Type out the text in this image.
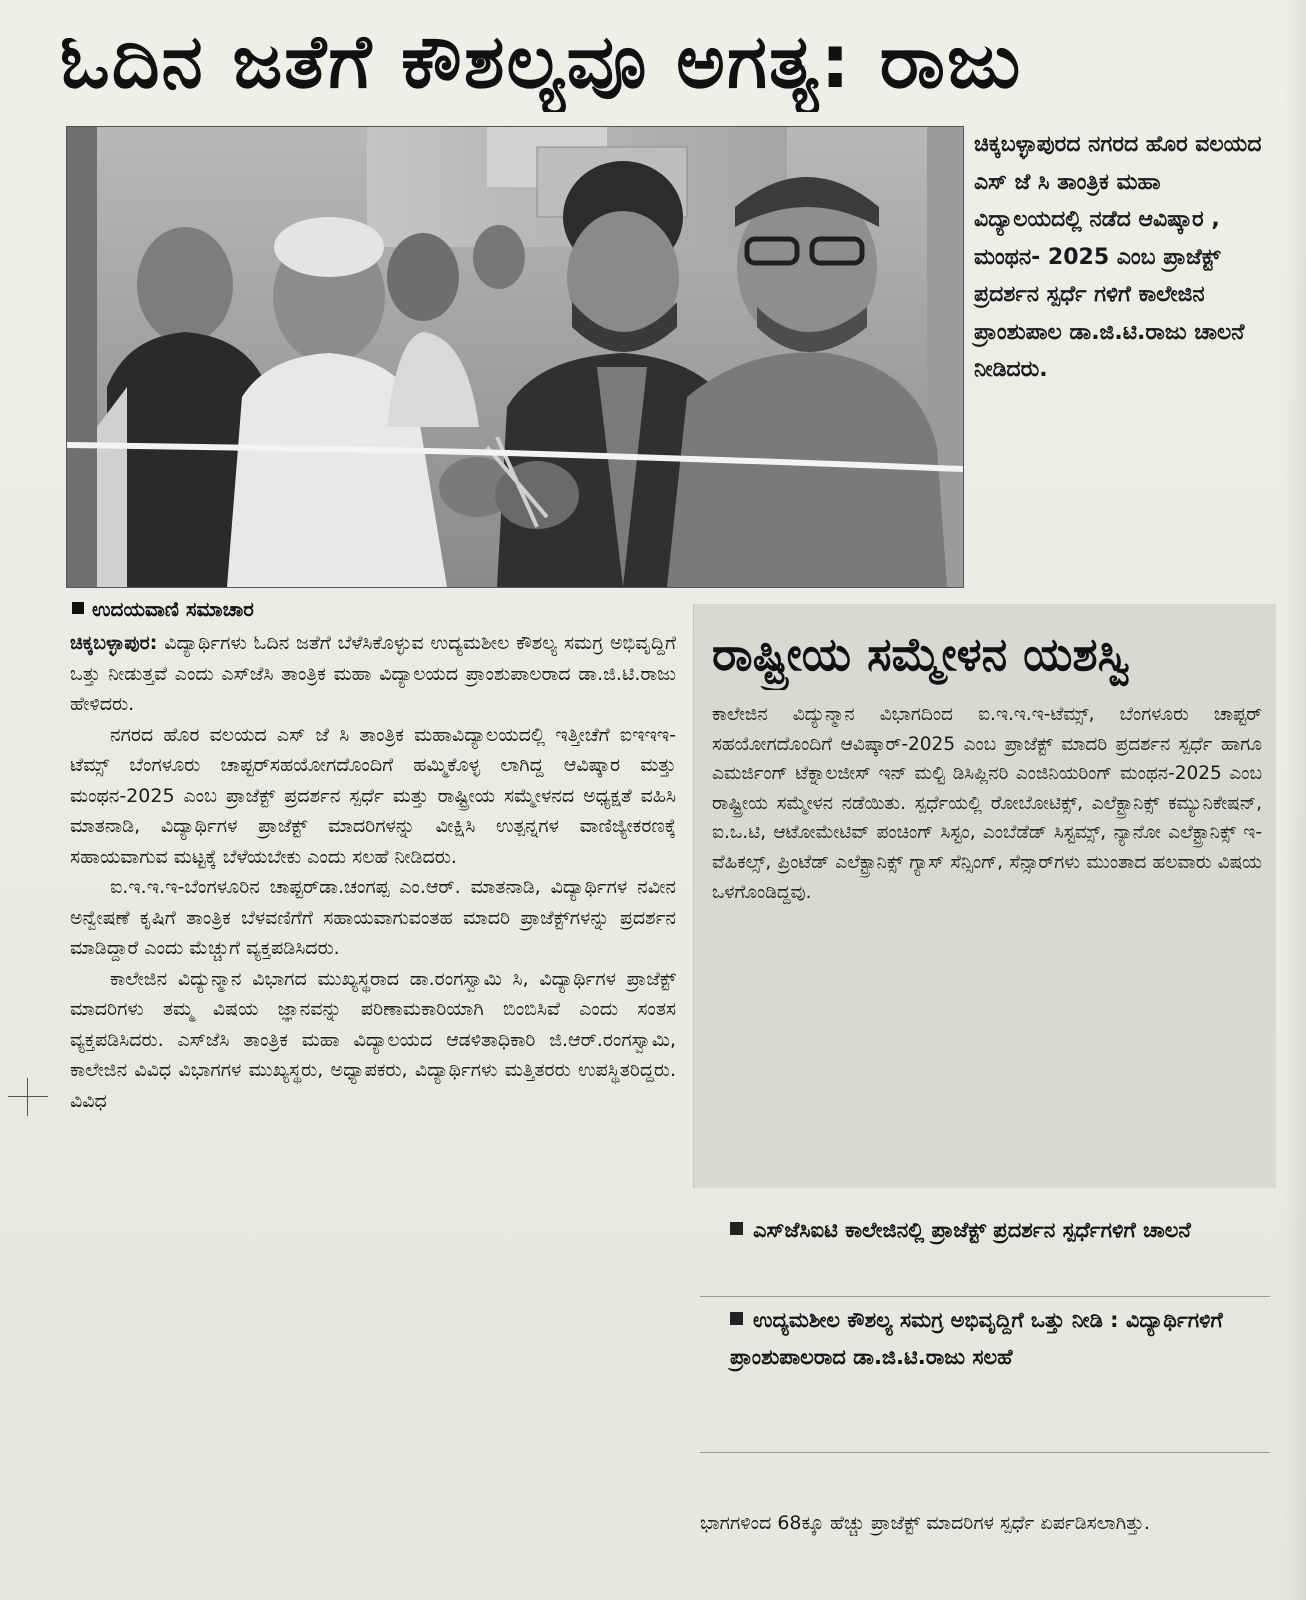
ಓದಿನ ಜತೆಗೆ ಕೌಶಲ್ಯವೂ ಅಗತ್ಯ: ರಾಜು

ಚಿಕ್ಕಬಳ್ಳಾಪುರದ ನಗರದ ಹೊರ ವಲಯದ ಎಸ್ ಜೆ ಸಿ ತಾಂತ್ರಿಕ ಮಹಾ ವಿದ್ಯಾಲಯದಲ್ಲಿ ನಡೆದ ಆವಿಷ್ಕಾರ , ಮಂಥನ- 2025 ಎಂಬ ಪ್ರಾಜೆಕ್ಟ್ ಪ್ರದರ್ಶನ ಸ್ಪರ್ಧೆ ಗಳಿಗೆ ಕಾಲೇಜಿನ ಪ್ರಾಂಶುಪಾಲ ಡಾ.ಜಿ.ಟಿ.ರಾಜು ಚಾಲನೆ ನೀಡಿದರು.

ಉದಯವಾಣಿ ಸಮಾಚಾರ

ಚಿಕ್ಕಬಳ್ಳಾಪುರ: ವಿದ್ಯಾರ್ಥಿಗಳು ಓದಿನ ಜತೆಗೆ ಬೆಳೆಸಿಕೊಳ್ಳುವ ಉದ್ಯಮಶೀಲ ಕೌಶಲ್ಯ ಸಮಗ್ರ ಅಭಿವೃದ್ದಿಗೆ ಒತ್ತು ನೀಡುತ್ತವೆ ಎಂದು ಎಸ್‌ಜೆಸಿ ತಾಂತ್ರಿಕ ಮಹಾ ವಿದ್ಯಾಲಯದ ಪ್ರಾಂಶುಪಾಲರಾದ ಡಾ.ಜಿ.ಟಿ.ರಾಜು ಹೇಳಿದರು.

ನಗರದ ಹೊರ ವಲಯದ ಎಸ್ ಜೆ ಸಿ ತಾಂತ್ರಿಕ ಮಹಾವಿದ್ಯಾಲಯದಲ್ಲಿ ಇತ್ತೀಚೆಗೆ ಐಇಇಇ-ಟೆಮ್ಸ್ ಬೆಂಗಳೂರು ಚಾಪ್ಟರ್‌ಸಹಯೋಗದೊಂದಿಗೆ ಹಮ್ಮಿಕೊಳ್ಳ ಲಾಗಿದ್ದ ಆವಿಷ್ಕಾರ ಮತ್ತು ಮಂಥನ-2025 ಎಂಬ ಪ್ರಾಜೆಕ್ಟ್ ಪ್ರದರ್ಶನ ಸ್ಪರ್ಧೆ ಮತ್ತು ರಾಷ್ಟ್ರೀಯ ಸಮ್ಮೇಳನದ ಅಧ್ಯಕ್ಷತೆ ವಹಿಸಿ ಮಾತನಾಡಿ, ವಿದ್ಯಾರ್ಥಿಗಳ ಪ್ರಾಜೆಕ್ಟ್ ಮಾದರಿಗಳನ್ನು ವೀಕ್ಷಿಸಿ ಉತ್ಪನ್ನಗಳ ವಾಣಿಜ್ಯೀಕರಣಕ್ಕೆ ಸಹಾಯವಾಗುವ ಮಟ್ಟಕ್ಕೆ ಬೆಳೆಯಬೇಕು ಎಂದು ಸಲಹೆ ನೀಡಿದರು.

ಐ.ಇ.ಇ.ಇ-ಬೆಂಗಳೂರಿನ ಚಾಪ್ಟರ್‌ಡಾ.ಚಂಗಪ್ಪ ಎಂ.ಆರ್. ಮಾತನಾಡಿ, ವಿದ್ಯಾರ್ಥಿಗಳ ನವೀನ ಅನ್ವೇಷಣೆ ಕೃಷಿಗೆ ತಾಂತ್ರಿಕ ಬೆಳವಣಿಗೆಗೆ ಸಹಾಯವಾಗುವಂತಹ ಮಾದರಿ ಪ್ರಾಜೆಕ್ಟ್‌ಗಳನ್ನು ಪ್ರದರ್ಶನ ಮಾಡಿದ್ದಾರೆ ಎಂದು ಮೆಚ್ಚುಗೆ ವ್ಯಕ್ತಪಡಿಸಿದರು.

ಕಾಲೇಜಿನ ವಿದ್ಯುನ್ಮಾನ ವಿಭಾಗದ ಮುಖ್ಯಸ್ಥರಾದ ಡಾ.ರಂಗಸ್ವಾಮಿ ಸಿ, ವಿದ್ಯಾರ್ಥಿಗಳ ಪ್ರಾಜೆಕ್ಟ್ ಮಾದರಿಗಳು ತಮ್ಮ ವಿಷಯ ಜ್ಞಾನವನ್ನು ಪರಿಣಾಮಕಾರಿಯಾಗಿ ಬಿಂಬಿಸಿವೆ ಎಂದು ಸಂತಸ ವ್ಯಕ್ತಪಡಿಸಿದರು. ಎಸ್‌ಜೆಸಿ ತಾಂತ್ರಿಕ ಮಹಾ ವಿದ್ಯಾಲಯದ ಆಡಳಿತಾಧಿಕಾರಿ ಜಿ.ಆರ್.ರಂಗಸ್ವಾಮಿ, ಕಾಲೇಜಿನ ವಿವಿಧ ವಿಭಾಗಗಳ ಮುಖ್ಯಸ್ಥರು, ಅಧ್ಯಾಪಕರು, ವಿದ್ಯಾರ್ಥಿಗಳು ಮತ್ತಿತರರು ಉಪಸ್ಥಿತರಿದ್ದರು. ವಿವಿಧ

ರಾಷ್ಟ್ರೀಯ ಸಮ್ಮೇಳನ ಯಶಸ್ವಿ

ಕಾಲೇಜಿನ ವಿದ್ಯುನ್ಮಾನ ವಿಭಾಗದಿಂದ ಐ.ಇ.ಇ.ಇ-ಟೆಮ್ಸ್, ಬೆಂಗಳೂರು ಚಾಪ್ಟರ್ ಸಹಯೋಗದೊಂದಿಗೆ ಆವಿಷ್ಕಾರ್-2025 ಎಂಬ ಪ್ರಾಜೆಕ್ಟ್ ಮಾದರಿ ಪ್ರದರ್ಶನ ಸ್ಪರ್ಧೆ ಹಾಗೂ ಎಮರ್ಜಿಂಗ್ ಟೆಕ್ನಾಲಜೀಸ್ ಇನ್ ಮಲ್ಟಿ ಡಿಸಿಪ್ಲಿನರಿ ಎಂಜಿನಿಯರಿಂಗ್ ಮಂಥನ-2025 ಎಂಬ ರಾಷ್ಟ್ರೀಯ ಸಮ್ಮೇಳನ ನಡೆಯಿತು. ಸ್ಪರ್ಧೆಯಲ್ಲಿ ರೋಬೋಟಿಕ್ಸ್, ಎಲೆಕ್ಟ್ರಾನಿಕ್ಸ್ ಕಮ್ಯುನಿಕೇಷನ್, ಐ.ಒ.ಟಿ, ಆಟೋಮೇಟಿವ್ ಪಂಚಿಂಗ್ ಸಿಸ್ಟಂ, ಎಂಬೆಡೆಡ್ ಸಿಸ್ಟಮ್ಸ್, ನ್ಯಾನೋ ಎಲೆಕ್ಟ್ರಾನಿಕ್ಸ್ ಇ-ವೆಹಿಕಲ್ಸ್, ಪ್ರಿಂಟೆಡ್ ಎಲೆಕ್ಟ್ರಾನಿಕ್ಸ್ ಗ್ಯಾಸ್ ಸೆನ್ಸಿಂಗ್, ಸೆನ್ಸಾರ್‌ಗಳು ಮುಂತಾದ ಹಲವಾರು ವಿಷಯ ಒಳಗೊಂಡಿದ್ದವು.

ಎಸ್‌ಜೆಸಿಐಟಿ ಕಾಲೇಜಿನಲ್ಲಿ ಪ್ರಾಜೆಕ್ಟ್ ಪ್ರದರ್ಶನ ಸ್ಪರ್ಧೆಗಳಿಗೆ ಚಾಲನೆ
ಉದ್ಯಮಶೀಲ ಕೌಶಲ್ಯ ಸಮಗ್ರ ಅಭಿವೃದ್ದಿಗೆ ಒತ್ತು ನೀಡಿ : ವಿದ್ಯಾರ್ಥಿಗಳಿಗೆ ಪ್ರಾಂಶುಪಾಲರಾದ ಡಾ.ಜಿ.ಟಿ.ರಾಜು ಸಲಹೆ

ಭಾಗಗಳಿಂದ 68ಕ್ಕೂ ಹೆಚ್ಚು ಪ್ರಾಜೆಕ್ಟ್ ಮಾದರಿಗಳ ಸ್ಪರ್ಧೆ ಏರ್ಪಡಿಸಲಾಗಿತ್ತು.
